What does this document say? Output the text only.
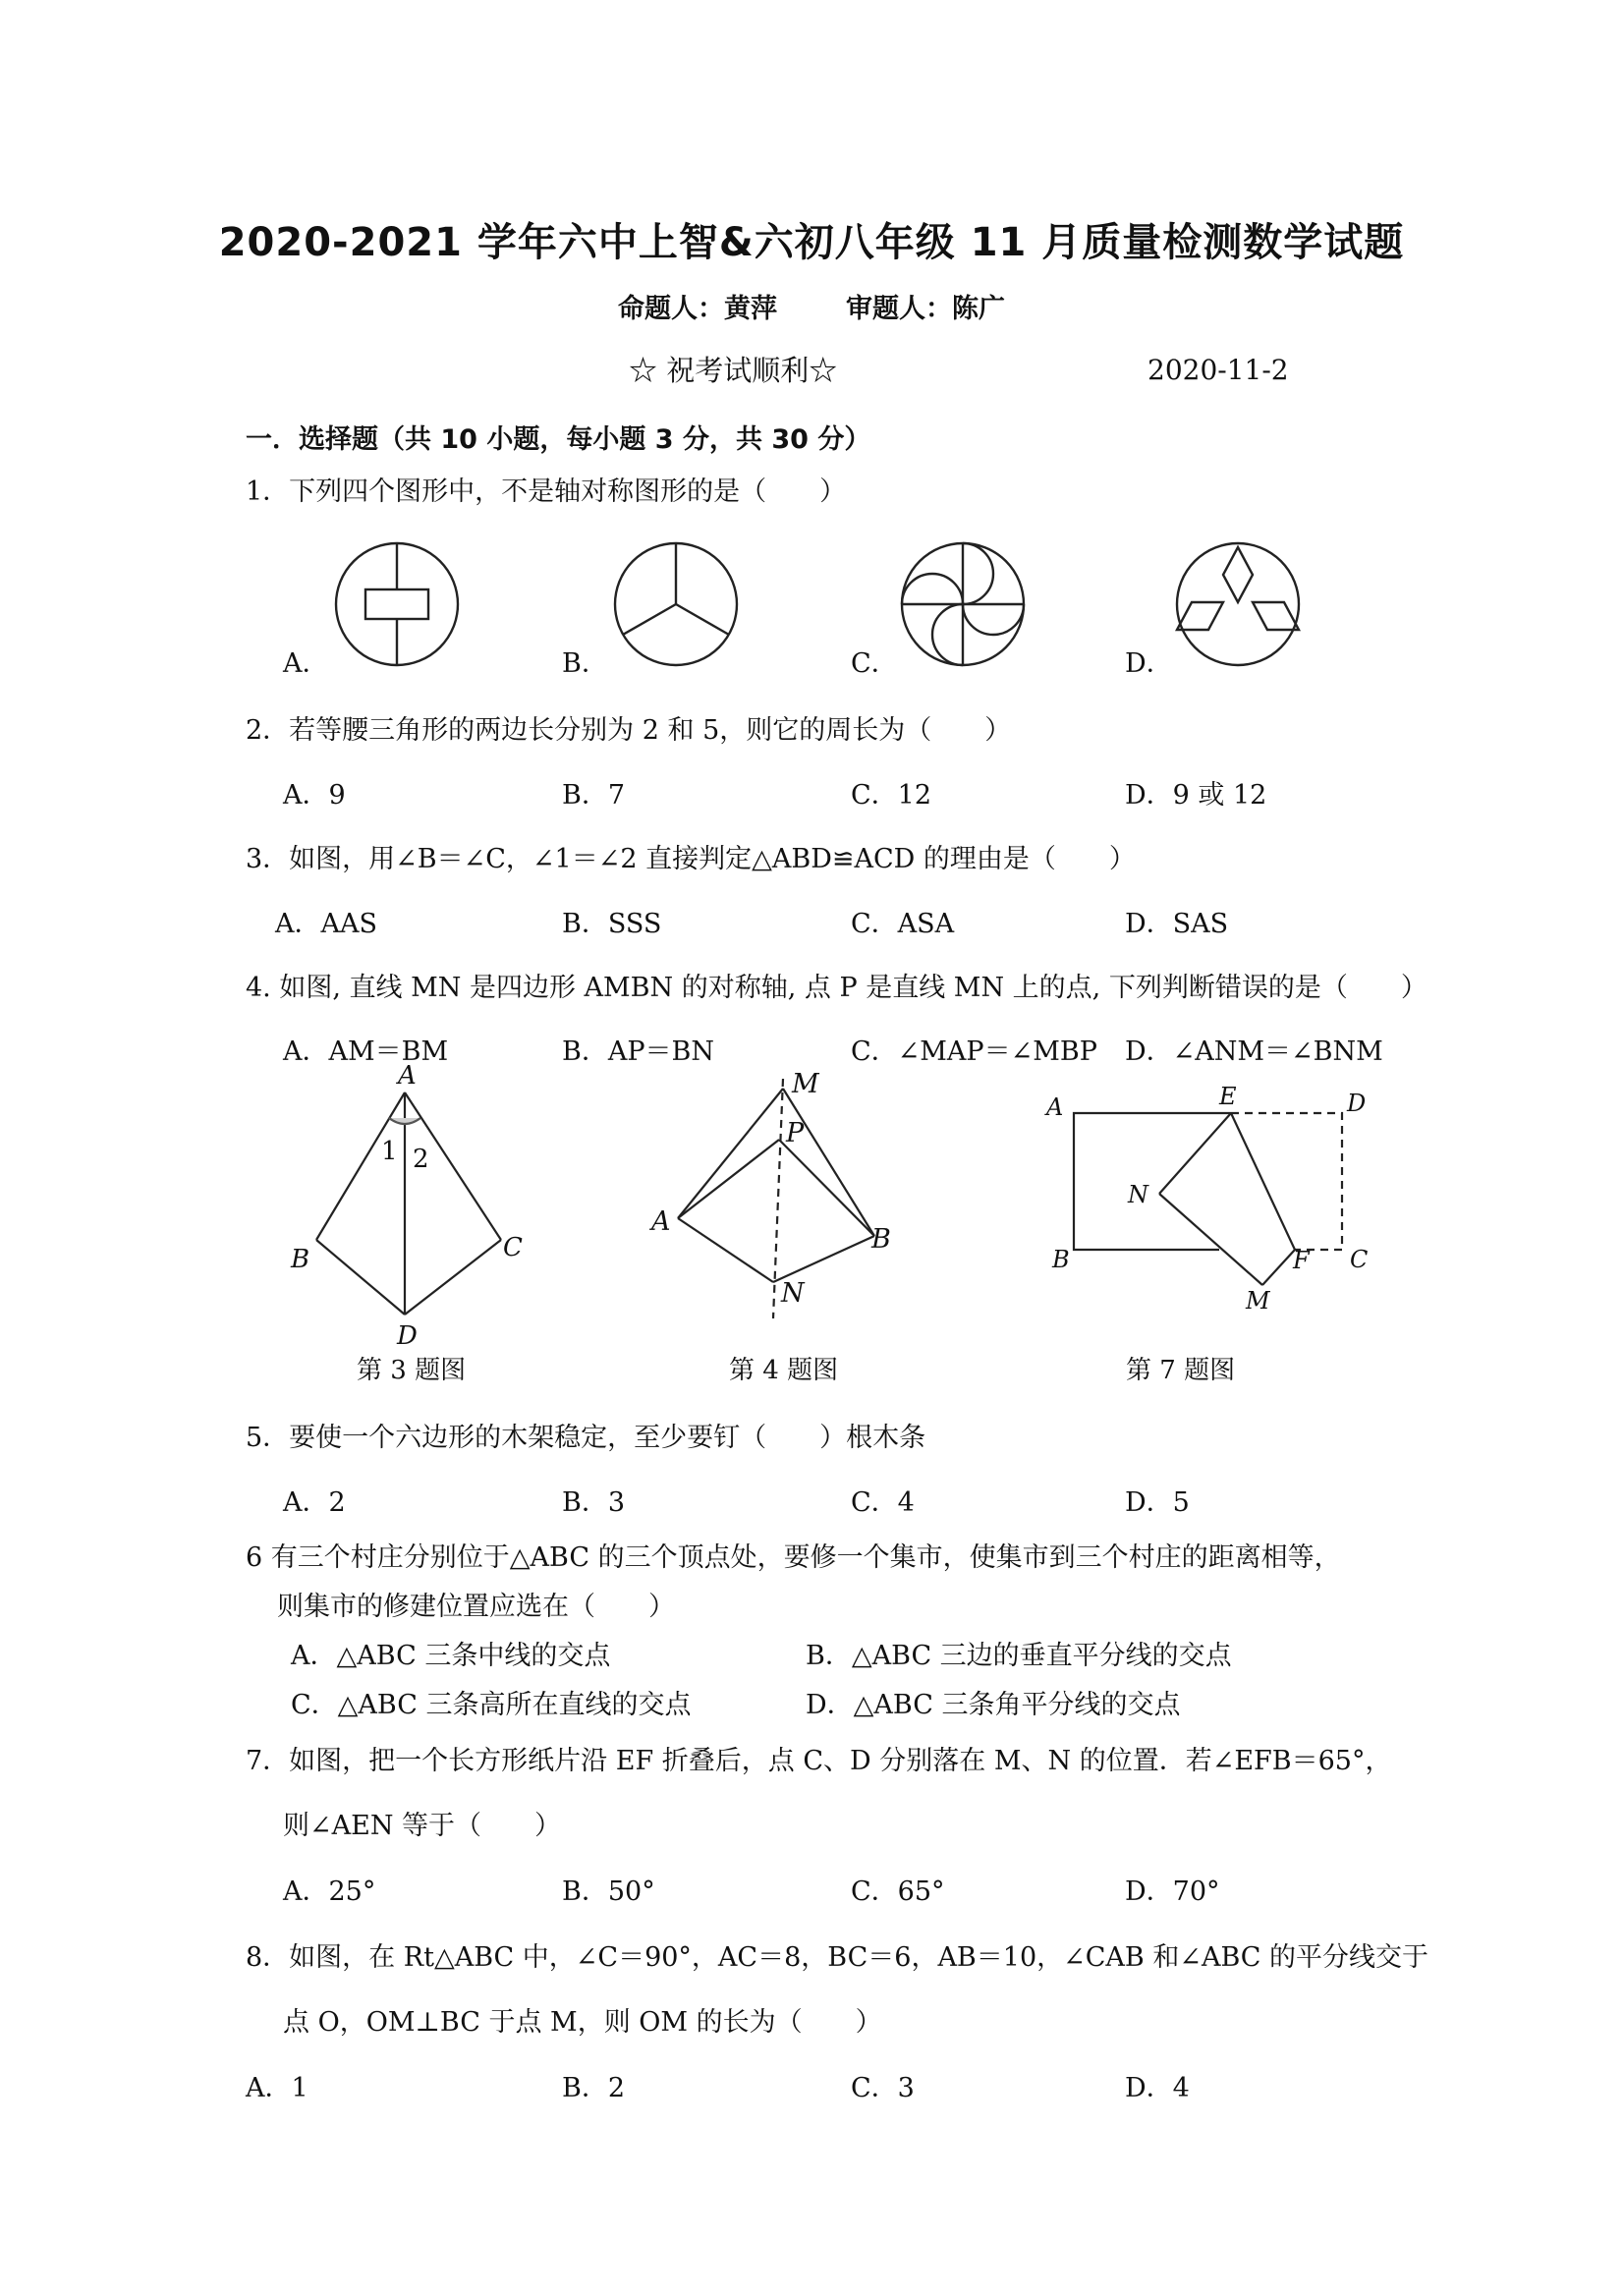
2020-2021 学年六中上智&六初八年级 11 月质量检测数学试题
命题人：黄萍	审题人：陈广
☆ 祝考试顺利☆	2020-11-2
一．选择题（共 10 小题，每小题 3 分，共 30 分）
1．下列四个图形中，不是轴对称图形的是（　　）
A．	B．	C．	D．
2．若等腰三角形的两边长分别为 2 和 5，则它的周长为（　　）
A．9	B．7	C．12	D．9 或 12
3．如图，用∠B＝∠C，∠1＝∠2 直接判定△ABD≌ACD 的理由是（　　）
A．AAS	B．SSS	C．ASA	D．SAS
4. 如图, 直线 MN 是四边形 AMBN 的对称轴, 点 P 是直线 MN 上的点, 下列判断错误的是（　　）
A．AM＝BM	B．AP＝BN	C．∠MAP＝∠MBP D．∠ANM＝∠BNM
A
B	C
D
1 2
M
P
A
B
N
A	E	D
N
B	F C
M
第 3 题图	第 4 题图	第 7 题图
5．要使一个六边形的木架稳定，至少要钉（　　）根木条
A．2	B．3	C．4	D．5
6 有三个村庄分别位于△ABC 的三个顶点处，要修一个集市，使集市到三个村庄的距离相等，
则集市的修建位置应选在（　　）
A．△ABC 三条中线的交点	B．△ABC 三边的垂直平分线的交点
C．△ABC 三条高所在直线的交点	D．△ABC 三条角平分线的交点
7．如图，把一个长方形纸片沿 EF 折叠后，点 C、D 分别落在 M、N 的位置．若∠EFB＝65°，
则∠AEN 等于（　　）
A．25°	B．50°	C．65°	D．70°
8．如图，在 Rt△ABC 中，∠C＝90°，AC＝8，BC＝6，AB＝10，∠CAB 和∠ABC 的平分线交于
点 O，OM⊥BC 于点 M，则 OM 的长为（　　）
A．1	B．2	C．3	D．4
